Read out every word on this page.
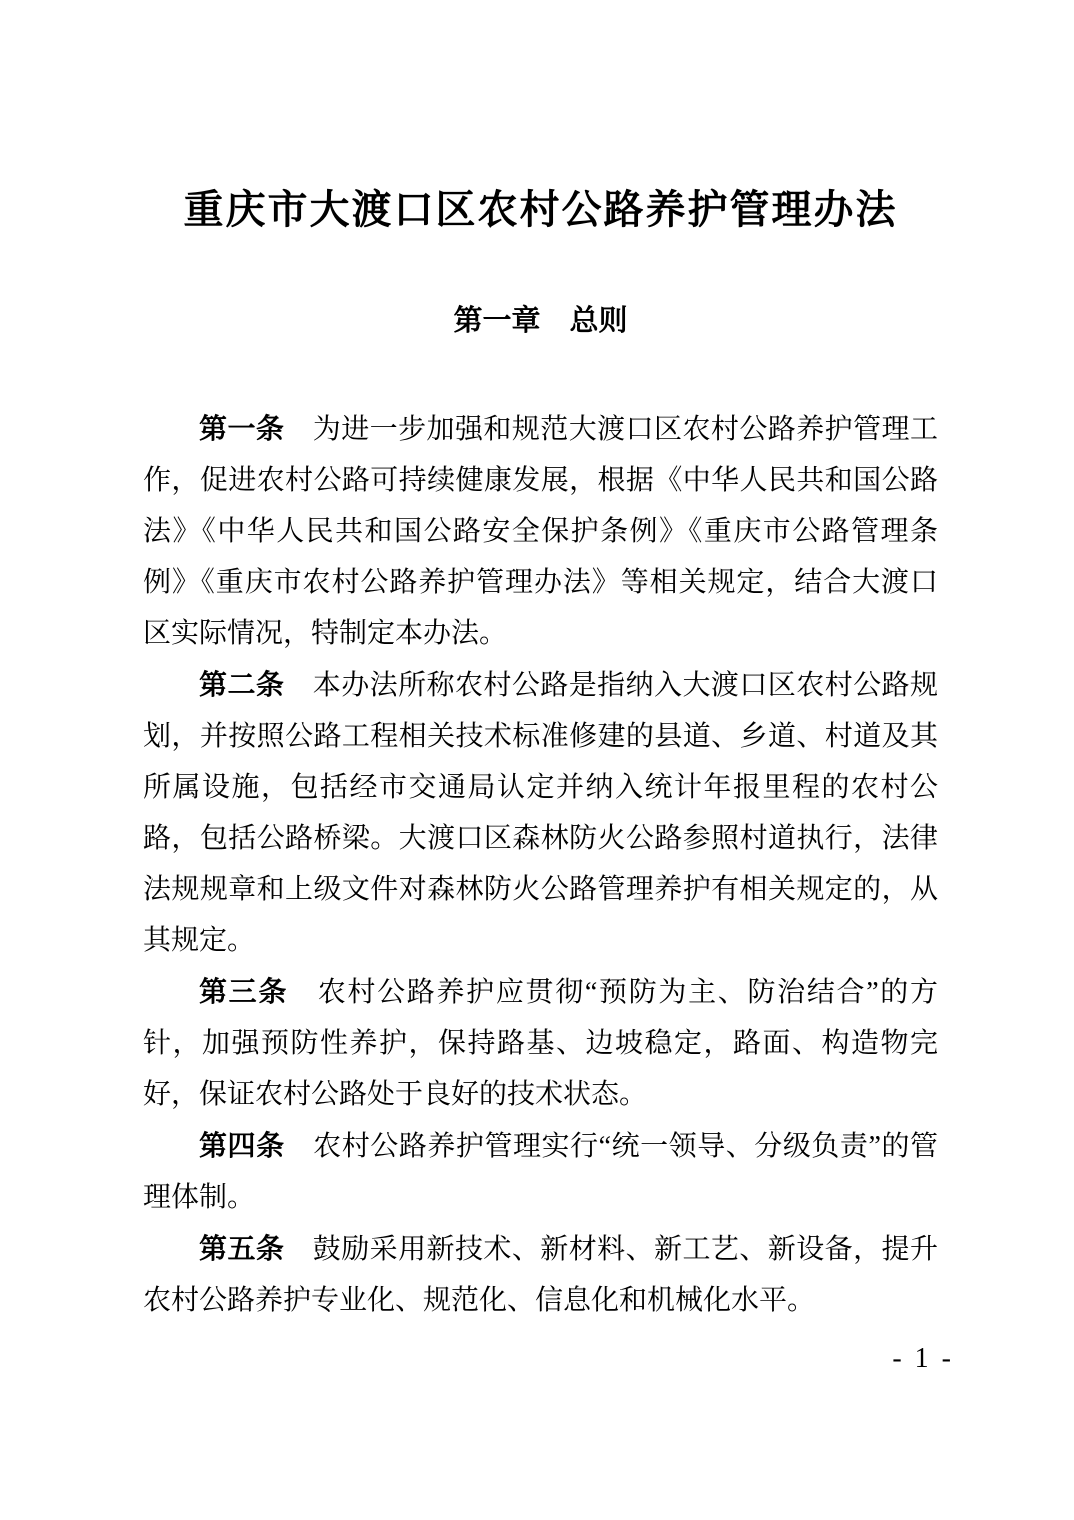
重庆市大渡口区农村公路养护管理办法
第一章　总则

第一条　为进一步加强和规范大渡口区农村公路养护管理工作，促进农村公路可持续健康发展，根据《中华人民共和国公路法》《中华人民共和国公路安全保护条例》《重庆市公路管理条例》《重庆市农村公路养护管理办法》等相关规定，结合大渡口区实际情况，特制定本办法。

第二条　本办法所称农村公路是指纳入大渡口区农村公路规划，并按照公路工程相关技术标准修建的县道、乡道、村道及其所属设施，包括经市交通局认定并纳入统计年报里程的农村公路，包括公路桥梁。大渡口区森林防火公路参照村道执行，法律法规规章和上级文件对森林防火公路管理养护有相关规定的，从其规定。

第三条　农村公路养护应贯彻“预防为主、防治结合”的方针，加强预防性养护，保持路基、边坡稳定，路面、构造物完好，保证农村公路处于良好的技术状态。

第四条　农村公路养护管理实行“统一领导、分级负责”的管理体制。

第五条　鼓励采用新技术、新材料、新工艺、新设备，提升农村公路养护专业化、规范化、信息化和机械化水平。

- 1 -
